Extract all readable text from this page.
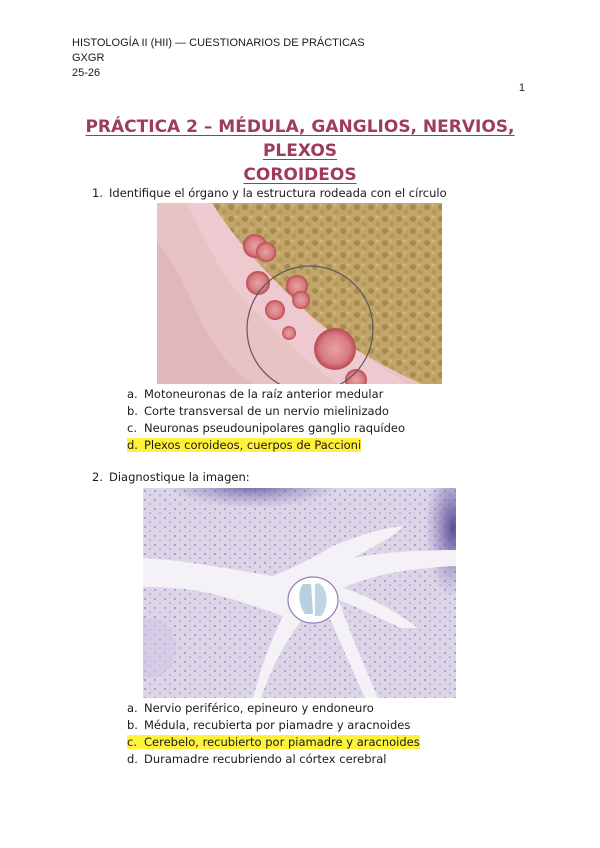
HISTOLOGÍA II (HII) — CUESTIONARIOS DE PRÁCTICAS
GXGR
25-26
1
PRÁCTICA 2 – MÉDULA, GANGLIOS, NERVIOS, PLEXOS
COROIDEOS
1. Identifique el órgano y la estructura rodeada con el círculo
a. Motoneuronas de la raíz anterior medular
b. Corte transversal de un nervio mielinizado
c. Neuronas pseudounipolares ganglio raquídeo
d. Plexos coroideos, cuerpos de Paccioni
2. Diagnostique la imagen:
a. Nervio periférico, epineuro y endoneuro
b. Médula, recubierta por piamadre y aracnoides
c. Cerebelo, recubierto por piamadre y aracnoides
d. Duramadre recubriendo al córtex cerebral
